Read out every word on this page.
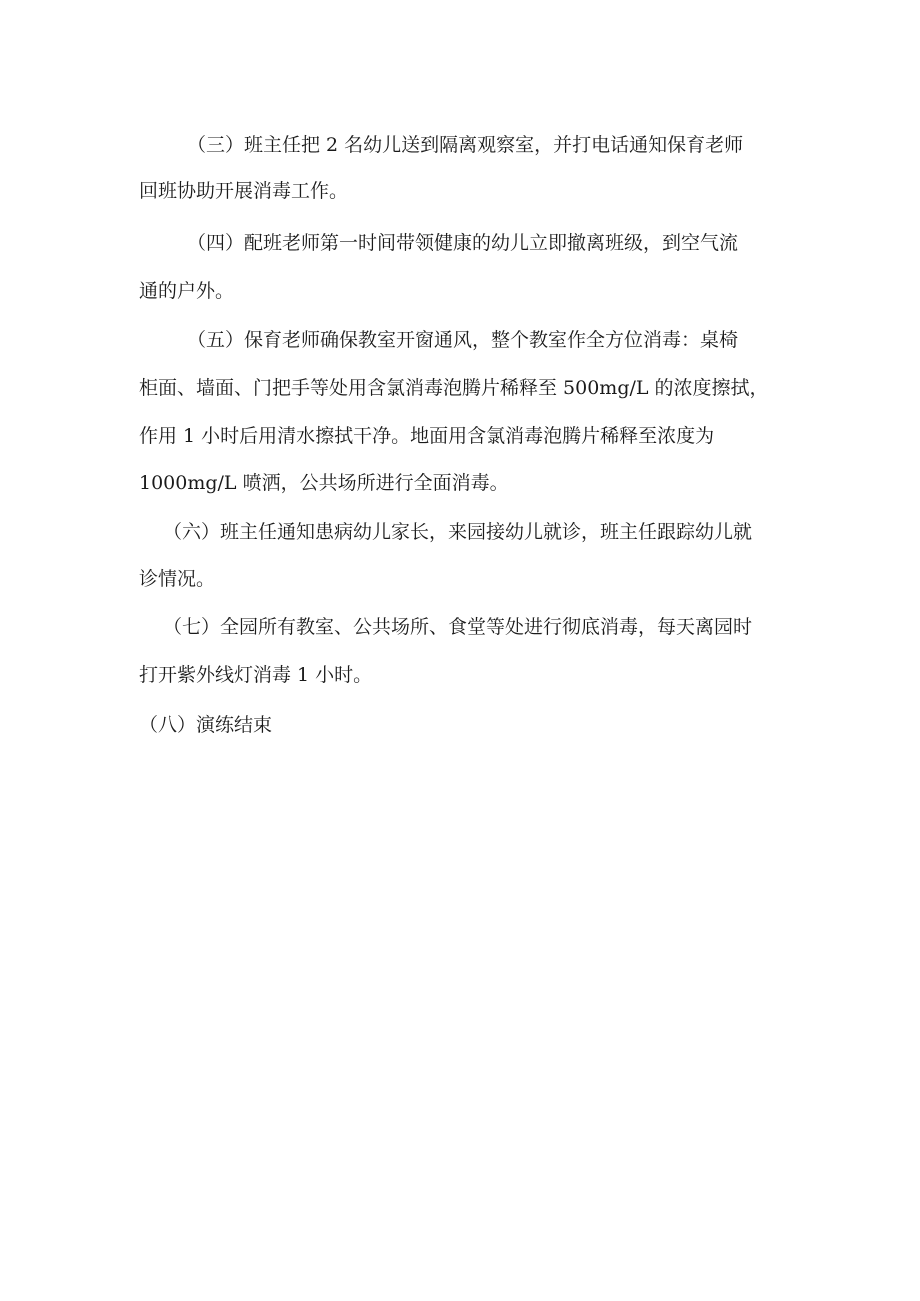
（三）班主任把 2 名幼儿送到隔离观察室，并打电话通知保育老师
回班协助开展消毒工作。
（四）配班老师第一时间带领健康的幼儿立即撤离班级，到空气流
通的户外。
（五）保育老师确保教室开窗通风，整个教室作全方位消毒：桌椅
柜面、墙面、门把手等处用含氯消毒泡腾片稀释至 500mg/L 的浓度擦拭，
作用 1 小时后用清水擦拭干净。地面用含氯消毒泡腾片稀释至浓度为
1000mg/L 喷洒，公共场所进行全面消毒。
（六）班主任通知患病幼儿家长，来园接幼儿就诊，班主任跟踪幼儿就
诊情况。
（七）全园所有教室、公共场所、食堂等处进行彻底消毒，每天离园时
打开紫外线灯消毒 1 小时。
（八）演练结束
